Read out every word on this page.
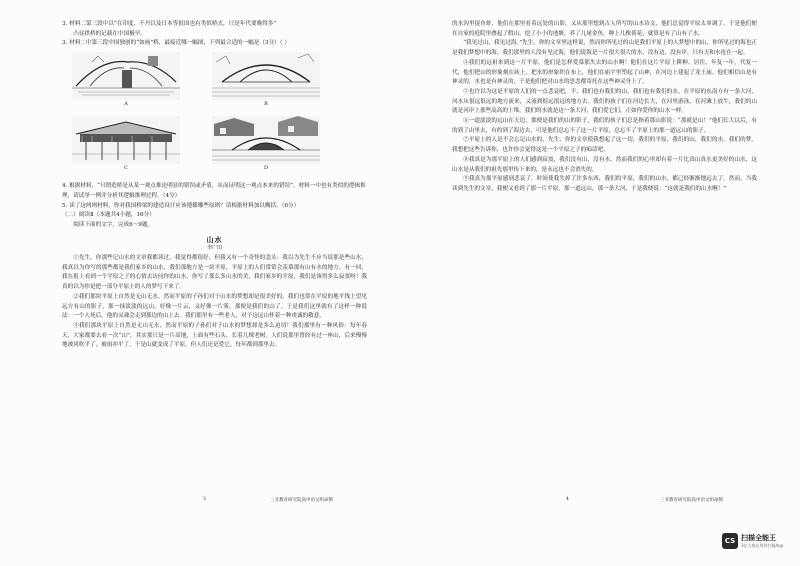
3. 材料二第三段中以“在印度、不丹以及日本等很国也有类似桥式，只是年代要晚得多”

凸显拱桥的记载在中国极早。

3. 材料二中第三段中国独创的“如画”桥，最接近哪一幅图，下列最合适的一幅是（3分）（ ）

A	B
C	D

4. 根据材料，“只谓造桥是从某一观点推论明显的错误或矛盾，从而证明这一观点本来的错误”。材料一中也有类似的逻辑推理，请试举一例并分析其逻辑推理过程。（4分）

5. 读了这两则材料，你对我国桥梁的建造设计应该遵循哪些原则？请根据材料加以概括。（6分）

（二）阅读Ⅱ（本题共4小题，16分）

阅读下面的文字，完成6～9题。

山水

李广田

①先生，你那些记山水的文章我都读过，我觉得都很好，但我又有一个奇怪的念头：我以为先生不应当说那是些山水，我真以为你写的那些都是我们家乡的山水，我们那地方是一块平原，平原上的人们常常会羡慕那有山有水的地方。有一回，我在报上看到一个平原之子的心情去访问你的山水，你写了那么多山水的美，我们家乡的平原，我们是该得多么寂寞呀！我真的以为你是把一部分平原上的人的梦写下来了。

②我们那块平原上自然是无山无水，然而平原的子孙们对于山水的梦想却是很美好的。我们也常在平原的地平线上望见远方有山的影子，那一抹淡淡的远山，好像一片云，又好像一片雾，那便是我们的山了。于是我们这里就有了这样一种说法：一个人死后，他的灵魂会走到那边的山上去。我们那里有一些老人，对于这远山怀着一种虔诚的敬意。

③我们那块平原上自然是无山无水，然而平原的子孙们对于山水的梦想却是多么迫切！我们那里有一种风俗：每年春天，大家都要去看一次“山”，其实那只是一片高地，上面有些石头，长着几棵老树。人们说那里曾经有过一座山，后来慢慢地被风吹平了，被雨冲平了，于是山就变成了平原。但人们还是爱它，每年都到那里去。

3	三亚教育研究院高中语文组命制

的水沟里捉鱼虾，他们在那里看着远处的山影，又从那里想到古人所写的山水诗文，他们总觉得平原太单调了，于是他们便在自家的庭院里叠起了假山，挖了小小的池塘，养了几尾金鱼，种上几株荷花，就算是有了山有了水。

“我见过山，我见过海。”先生，你的文章里这样说，然而你所见过的山是我们平原上的人梦想中的山，你所见过的海也正是我们梦想中的海。我们那里的人没有见过海，他们说海是一片很大很大的水，没有边，没有岸，只有天和水连在一起。

④我们的远祖来到这一片平原，他们是怎样爱慕那失去的山水啊！他们在这片平原上耕种、居住，年复一年，代复一代，他们把山的形象刻在砖上，把水的形象织在布上，他们在庙宇里塑起了山神，在河边上建起了龙王庙。他们相信山是有神灵的，水也是有神灵的，于是他们把对山水的思念都寄托在这些神灵身上了。

⑤也许以为这是平原的人们的一点悲哀吧，不，我们也有我们的山，我们也有我们的水。在平原的东南方有一条大河，河水从很远很远的地方流来，又流到很远很远的地方去。我们的孩子们在河边长大，在河里游泳，在河滩上放牛，我们的山就是河岸上那些高高的土堆，我们的水就是这一条大河，我们爱它们，正如你爱你的山水一样。

⑥一道淡淡的远山在天边，那便是我们的山的影子，我们的孩子们总是指着那山影说：“那就是山！”他们长大以后，有的到了山里去，有的到了海边去，可是他们总忘不了这一片平原，总忘不了平原上的那一道远山的影子。

⑦平原上的人是不会忘记山水的，先生，你的文章使我想起了这一切，我们的平原，我们的山，我们的水，我们的梦。我想把这些告诉你，也许你会觉得这是一个平原之子的痴话吧。

⑧我真是为那平原上的人们感到寂寞，我们没有山，没有水，然而我们的心里却有着一片比真山真水更美好的山水，这山水是从我们的祖先那里传下来的，是永远也不会消失的。

⑨我真为那平原感到悲哀了，时间使我失掉了许多东西，我们的平原，我们的山水，都已经渐渐地远去了。然而，当我读到先生的文章，我便又看到了那一片平原，那一道远山，那一条大河，于是我便说：“这就是我们的山水啊！”

4	三亚教育研究院高中语文组命制
CS 扫描全能王
3亿人都在用的扫描App
